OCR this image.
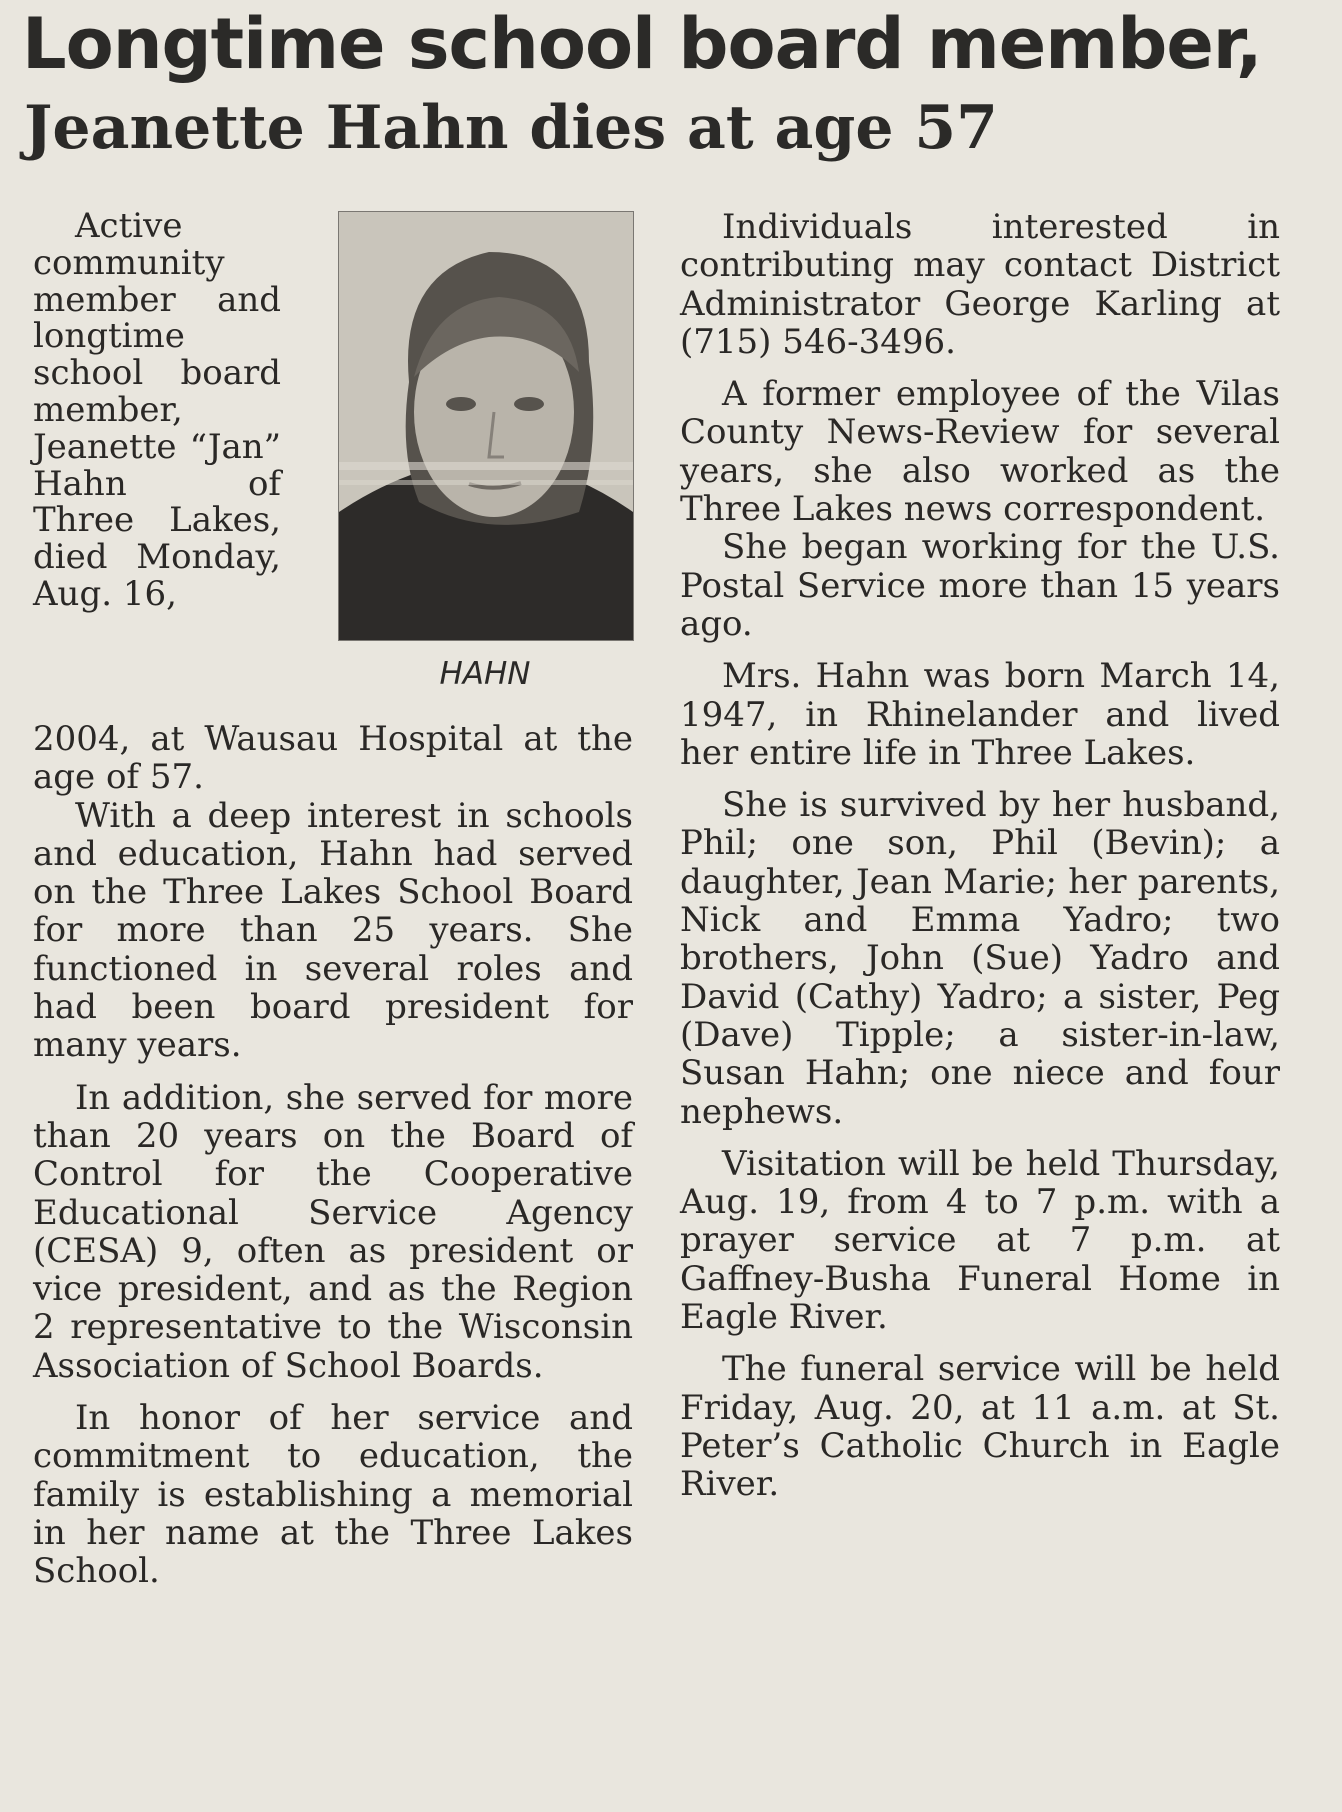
Longtime school board member,
Jeanette Hahn dies at age 57

Active community member and longtime school board member, Jeanette “Jan” Hahn of Three Lakes, died Monday, Aug. 16,

HAHN

2004, at Wausau Hospital at the age of 57.

With a deep interest in schools and education, Hahn had served on the Three Lakes School Board for more than 25 years. She functioned in several roles and had been board president for many years.

In addition, she served for more than 20 years on the Board of Control for the Cooperative Educational Service Agency (CESA) 9, often as president or vice president, and as the Region 2 representative to the Wisconsin Association of School Boards.

In honor of her service and commitment to education, the family is establishing a memorial in her name at the Three Lakes School.

Individuals interested in contributing may contact District Administrator George Karling at (715) 546-3496.

A former employee of the Vilas County News-Review for several years, she also worked as the Three Lakes news correspondent.

She began working for the U.S. Postal Service more than 15 years ago.

Mrs. Hahn was born March 14, 1947, in Rhinelander and lived her entire life in Three Lakes.

She is survived by her husband, Phil; one son, Phil (Bevin); a daughter, Jean Marie; her parents, Nick and Emma Yadro; two brothers, John (Sue) Yadro and David (Cathy) Yadro; a sister, Peg (Dave) Tipple; a sister-in-law, Susan Hahn; one niece and four nephews.

Visitation will be held Thursday, Aug. 19, from 4 to 7 p.m. with a prayer service at 7 p.m. at Gaffney-Busha Funeral Home in Eagle River.

The funeral service will be held Friday, Aug. 20, at 11 a.m. at St. Peter’s Catholic Church in Eagle River.
